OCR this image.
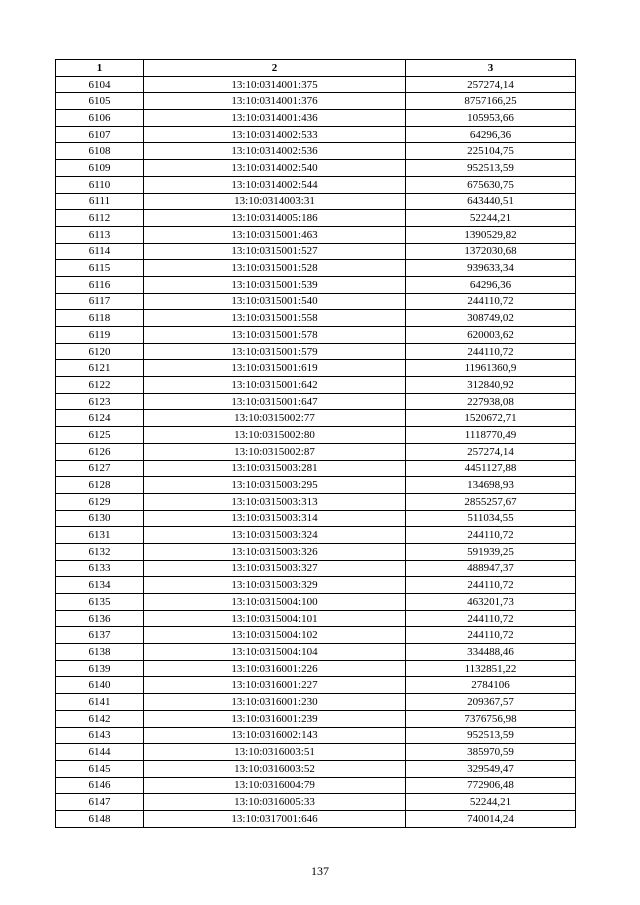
1	2	3
6104	13:10:0314001:375	257274,14
6105	13:10:0314001:376	8757166,25
6106	13:10:0314001:436	105953,66
6107	13:10:0314002:533	64296,36
6108	13:10:0314002:536	225104,75
6109	13:10:0314002:540	952513,59
6110	13:10:0314002:544	675630,75
6111	13:10:0314003:31	643440,51
6112	13:10:0314005:186	52244,21
6113	13:10:0315001:463	1390529,82
6114	13:10:0315001:527	1372030,68
6115	13:10:0315001:528	939633,34
6116	13:10:0315001:539	64296,36
6117	13:10:0315001:540	244110,72
6118	13:10:0315001:558	308749,02
6119	13:10:0315001:578	620003,62
6120	13:10:0315001:579	244110,72
6121	13:10:0315001:619	11961360,9
6122	13:10:0315001:642	312840,92
6123	13:10:0315001:647	227938,08
6124	13:10:0315002:77	1520672,71
6125	13:10:0315002:80	1118770,49
6126	13:10:0315002:87	257274,14
6127	13:10:0315003:281	4451127,88
6128	13:10:0315003:295	134698,93
6129	13:10:0315003:313	2855257,67
6130	13:10:0315003:314	511034,55
6131	13:10:0315003:324	244110,72
6132	13:10:0315003:326	591939,25
6133	13:10:0315003:327	488947,37
6134	13:10:0315003:329	244110,72
6135	13:10:0315004:100	463201,73
6136	13:10:0315004:101	244110,72
6137	13:10:0315004:102	244110,72
6138	13:10:0315004:104	334488,46
6139	13:10:0316001:226	1132851,22
6140	13:10:0316001:227	2784106
6141	13:10:0316001:230	209367,57
6142	13:10:0316001:239	7376756,98
6143	13:10:0316002:143	952513,59
6144	13:10:0316003:51	385970,59
6145	13:10:0316003:52	329549,47
6146	13:10:0316004:79	772906,48
6147	13:10:0316005:33	52244,21
6148	13:10:0317001:646	740014,24
137
